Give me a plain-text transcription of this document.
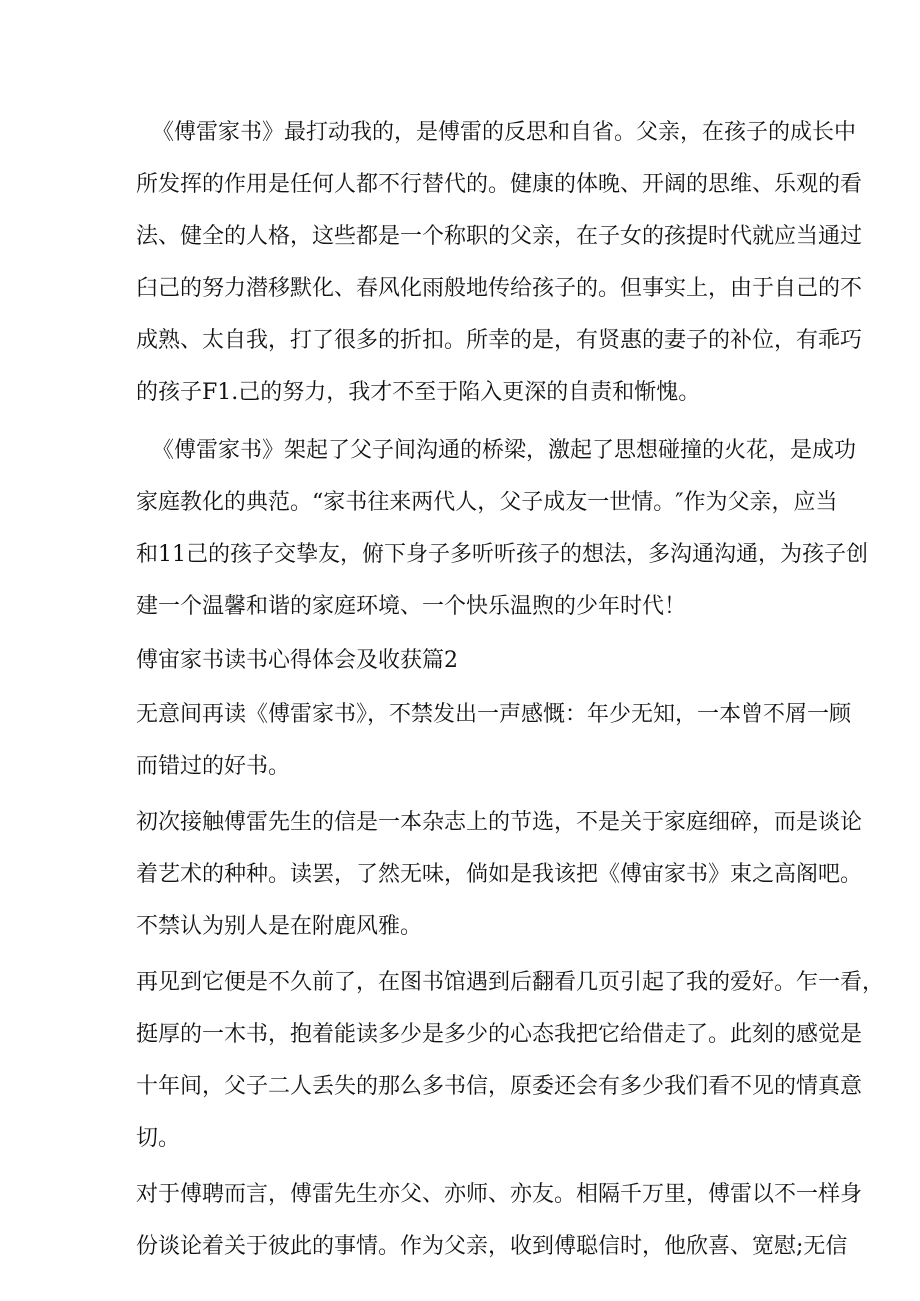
《傅雷家书》最打动我的，是傅雷的反思和自省。父亲，在孩子的成长中
所发挥的作用是任何人都不行替代的。健康的体晚、开阔的思维、乐观的看
法、健全的人格，这些都是一个称职的父亲，在子女的孩提时代就应当通过
臼己的努力潜移默化、春风化雨般地传给孩子的。但事实上，由于自己的不
成熟、太自我，打了很多的折扣。所幸的是，有贤惠的妻子的补位，有乖巧
的孩子F1.己的努力，我才不至于陷入更深的自责和惭愧。
《傅雷家书》架起了父子间沟通的桥梁，激起了思想碰撞的火花，是成功
家庭教化的典范。“家书往来两代人，父子成友一世情。″作为父亲，应当
和11己的孩子交挚友，俯下身子多听听孩子的想法，多沟通沟通，为孩子创
建一个温馨和谐的家庭环境、一个快乐温煦的少年时代！
傅宙家书读书心得体会及收获篇2
无意间再读《傅雷家书》，不禁发出一声感慨：年少无知，一本曾不屑一顾
而错过的好书。
初次接触傅雷先生的信是一本杂志上的节选，不是关于家庭细碎，而是谈论
着艺术的种种。读罢，了然无味，倘如是我该把《傅宙家书》束之高阁吧。
不禁认为别人是在附鹿风雅。
再见到它便是不久前了，在图书馆遇到后翻看几页引起了我的爱好。乍一看，
挺厚的一木书，抱着能读多少是多少的心态我把它给借走了。此刻的感觉是
十年间，父子二人丢失的那么多书信，原委还会有多少我们看不见的情真意
切。
对于傅聘而言，傅雷先生亦父、亦师、亦友。相隔千万里，傅雷以不一样身
份谈论着关于彼此的事情。作为父亲，收到傅聪信时，他欣喜、宽慰;无信
